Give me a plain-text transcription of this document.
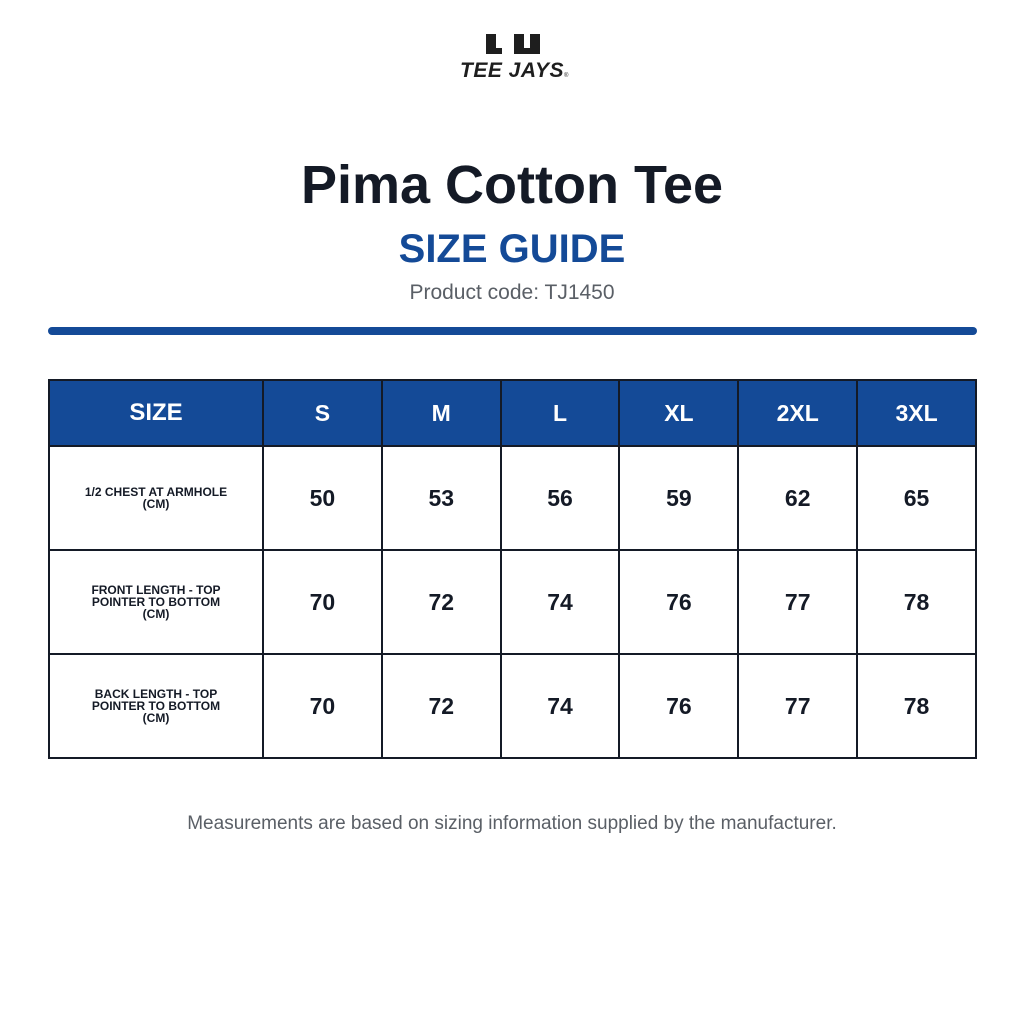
TEE JAYS ®
Pima Cotton Tee
SIZE GUIDE
Product code: TJ1450
SIZE	S	M	L	XL	2XL	3XL
1/2 CHEST AT ARMHOLE (CM)	50	53	56	59	62	65
FRONT LENGTH - TOP POINTER TO BOTTOM (CM)	70	72	74	76	77	78
BACK LENGTH - TOP POINTER TO BOTTOM (CM)	70	72	74	76	77	78
Measurements are based on sizing information supplied by the manufacturer.
